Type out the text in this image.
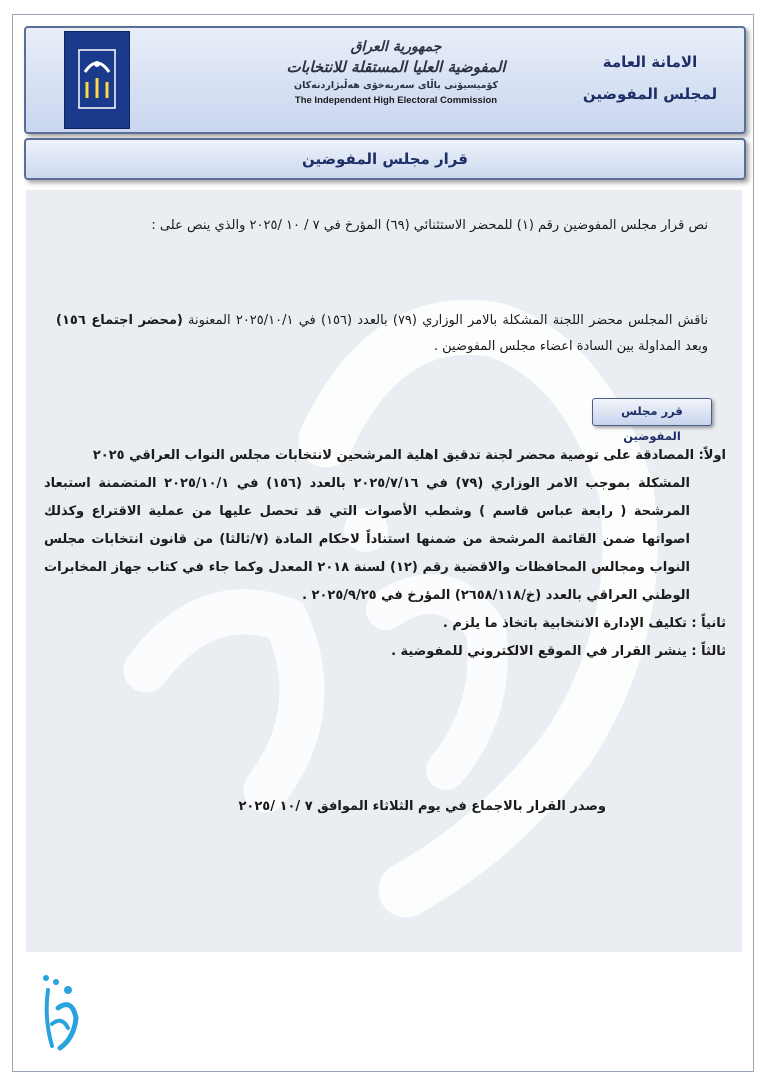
جمهورية العراق
المفوضية العليا المستقلة للانتخابات
كۆمیسیۆنی باڵای سەربەخۆی هەڵبژاردنەکان
The Independent High Electoral Commission
الامانة العامة
لمجلس المفوضين
قرار مجلس المفوضين
نص قرار مجلس المفوضين رقم (١) للمحضر الاستثنائي (٦٩) المؤرخ في ٧ / ١٠ /٢٠٢٥ والذي ينص على :
ناقش المجلس محضر اللجنة المشكلة بالامر الوزاري (٧٩) بالعدد (١٥٦) في ٢٠٢٥/١٠/١ المعنونة (محضر اجتماع ١٥٦) وبعد المداولة بين السادة اعضاء مجلس المفوضين .
قرر مجلس المفوضين

اولاً: المصادقة على توصية محضر لجنة تدقيق اهلية المرشحين لانتخابات مجلس النواب العراقي ٢٠٢٥

المشكلة بموجب الامر الوزاري (٧٩) في ٢٠٢٥/٧/١٦ بالعدد (١٥٦) في ٢٠٢٥/١٠/١ المتضمنة استبعاد المرشحة ( رابعة عباس قاسم ) وشطب الأصوات التي قد تحصل عليها من عملية الاقتراع وكذلك اصواتها ضمن القائمة المرشحة من ضمنها استناداً لاحكام المادة (٧/ثالثا) من قانون انتخابات مجلس النواب ومجالس المحافظات والاقضية رقم (١٢) لسنة ٢٠١٨ المعدل وكما جاء في كتاب جهاز المخابرات الوطني العراقي بالعدد (خ/٢٦٥٨/١١٨) المؤرخ في ٢٠٢٥/٩/٢٥ .

ثانياً : تكليف الإدارة الانتخابية باتخاذ ما يلزم .

ثالثاً : ينشر القرار في الموقع الالكتروني للمفوضية .

وصدر القرار بالاجماع في يوم الثلاثاء الموافق ٧ /١٠ /٢٠٢٥
